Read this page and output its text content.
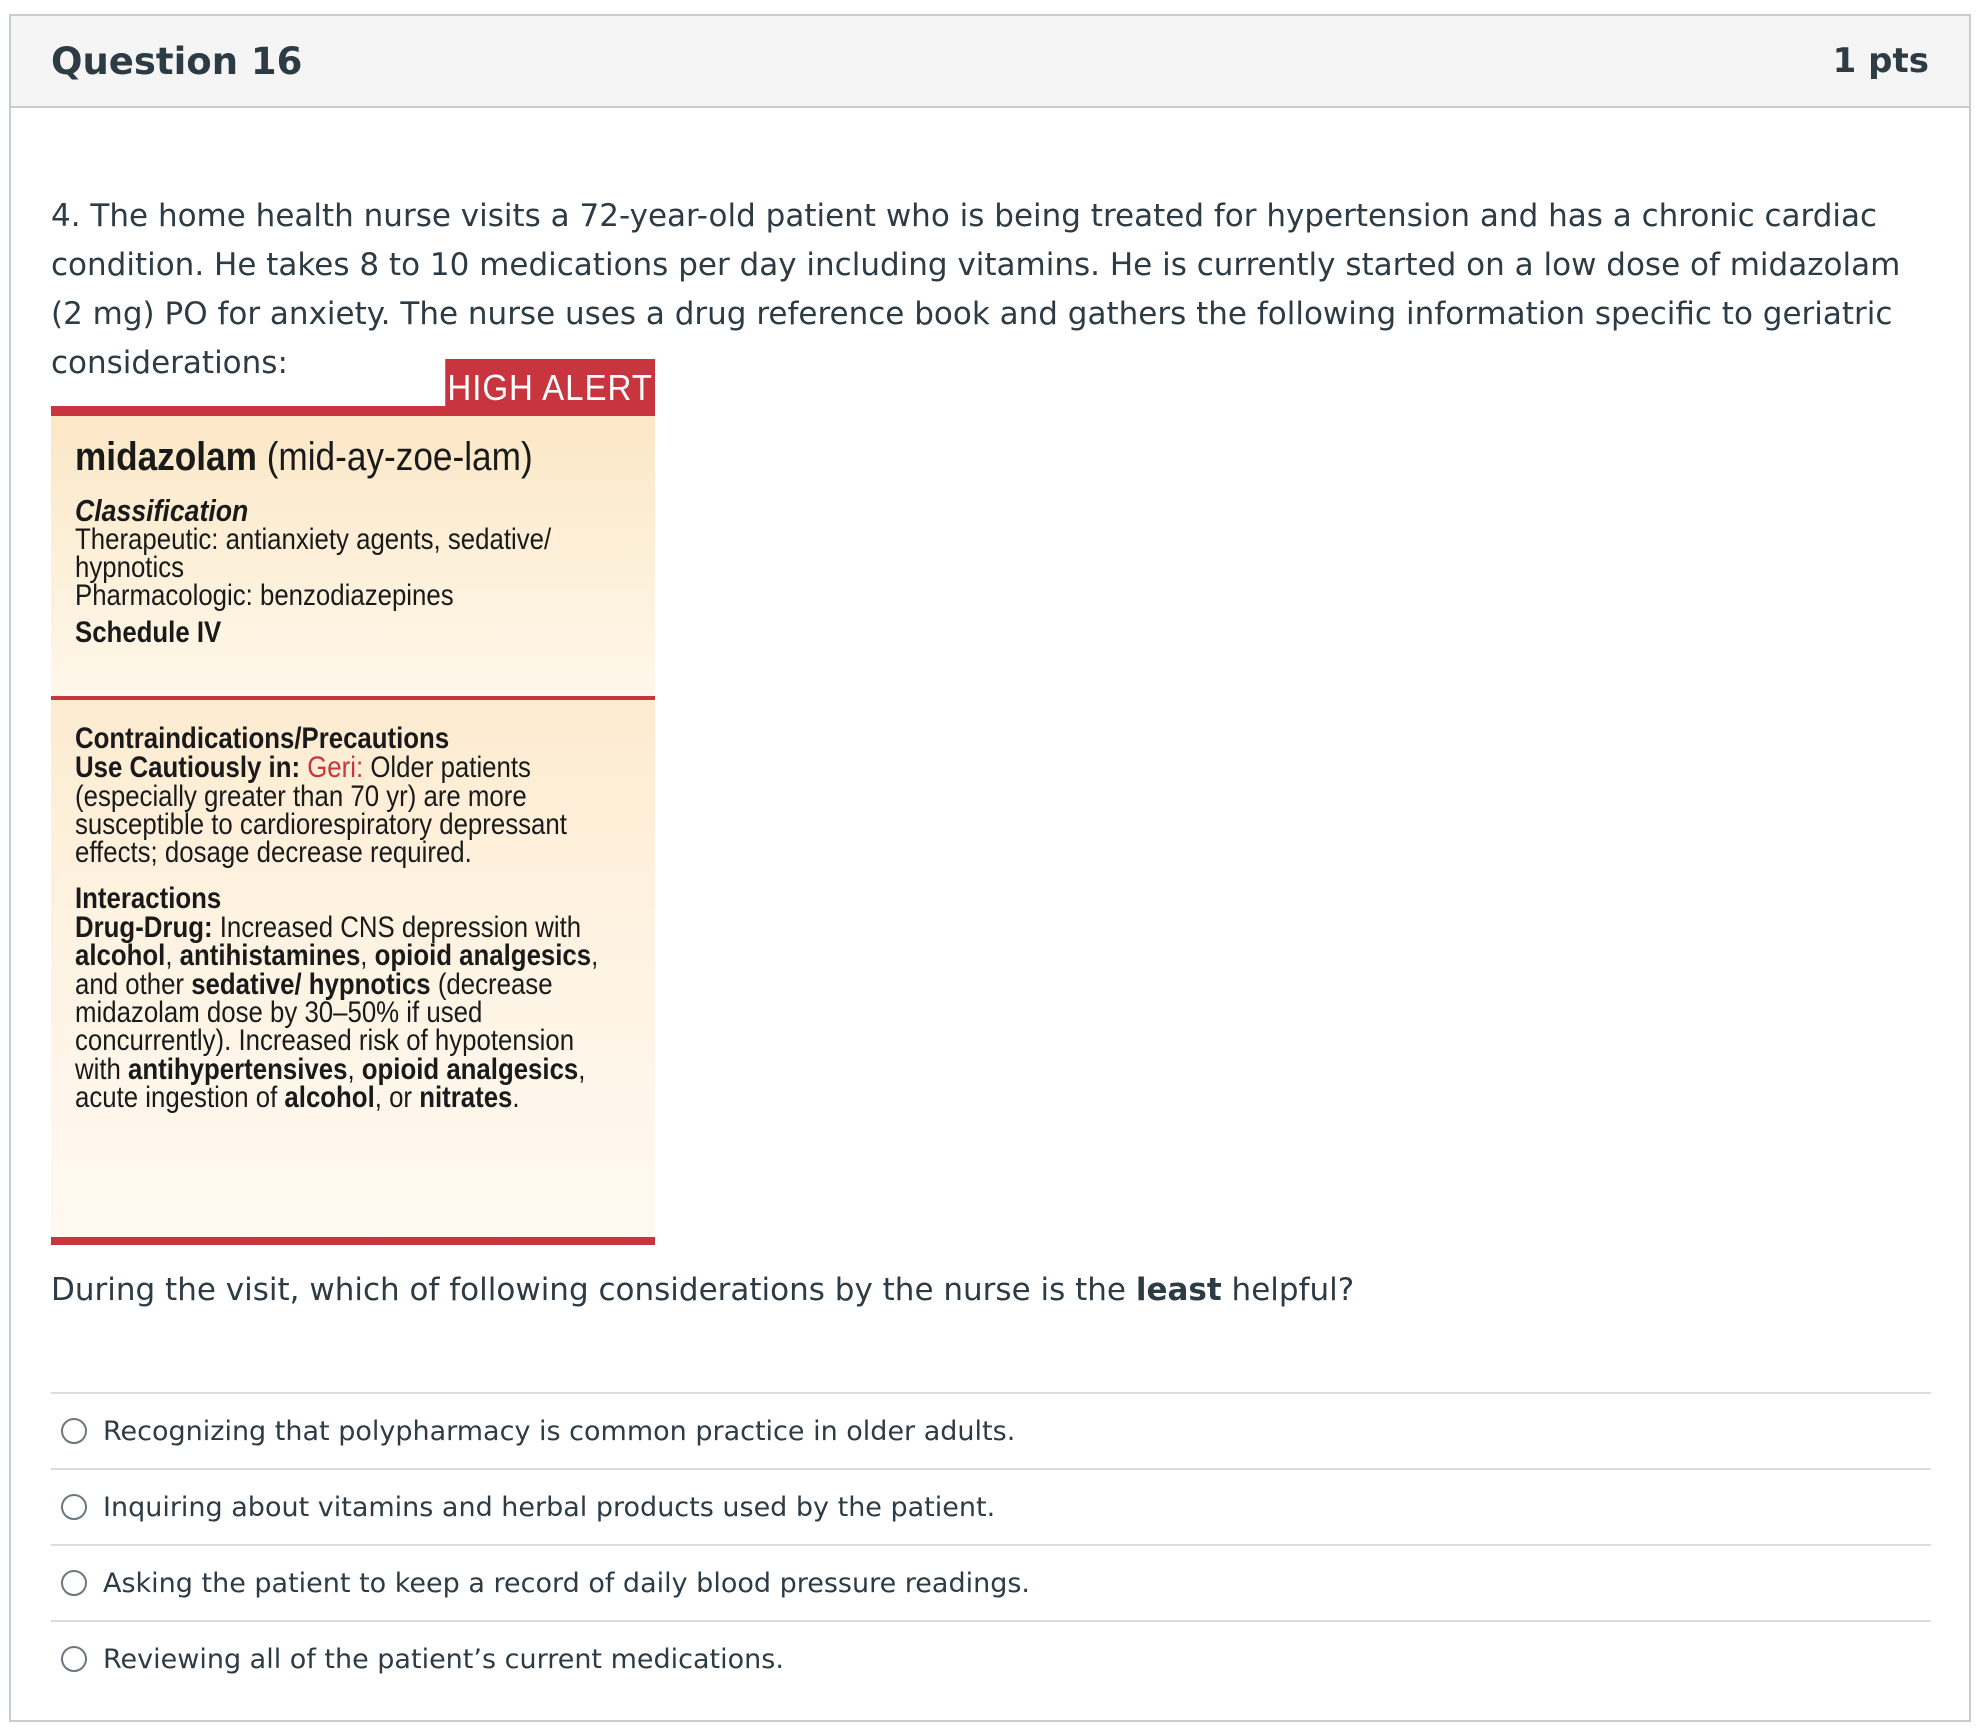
Question 16	1 pts
4. The home health nurse visits a 72-year-old patient who is being treated for hypertension and has a chronic cardiac condition. He takes 8 to 10 medications per day including vitamins. He is currently started on a low dose of midazolam (2 mg) PO for anxiety. The nurse uses a drug reference book and gathers the following information specific to geriatric considerations:
HIGH ALERT
midazolam (mid-ay-zoe-lam)
Classification
Therapeutic: antianxiety agents, sedative/
hypnotics
Pharmacologic: benzodiazepines
Schedule IV
Contraindications/Precautions
Use Cautiously in: Geri: Older patients
(especially greater than 70 yr) are more
susceptible to cardiorespiratory depressant
effects; dosage decrease required.
Interactions
Drug-Drug: Increased CNS depression with
alcohol, antihistamines, opioid analgesics,
and other sedative/ hypnotics (decrease
midazolam dose by 30–50% if used
concurrently). Increased risk of hypotension
with antihypertensives, opioid analgesics,
acute ingestion of alcohol, or nitrates.
During the visit, which of following considerations by the nurse is the least helpful?
Recognizing that polypharmacy is common practice in older adults.
Inquiring about vitamins and herbal products used by the patient.
Asking the patient to keep a record of daily blood pressure readings.
Reviewing all of the patient’s current medications.
